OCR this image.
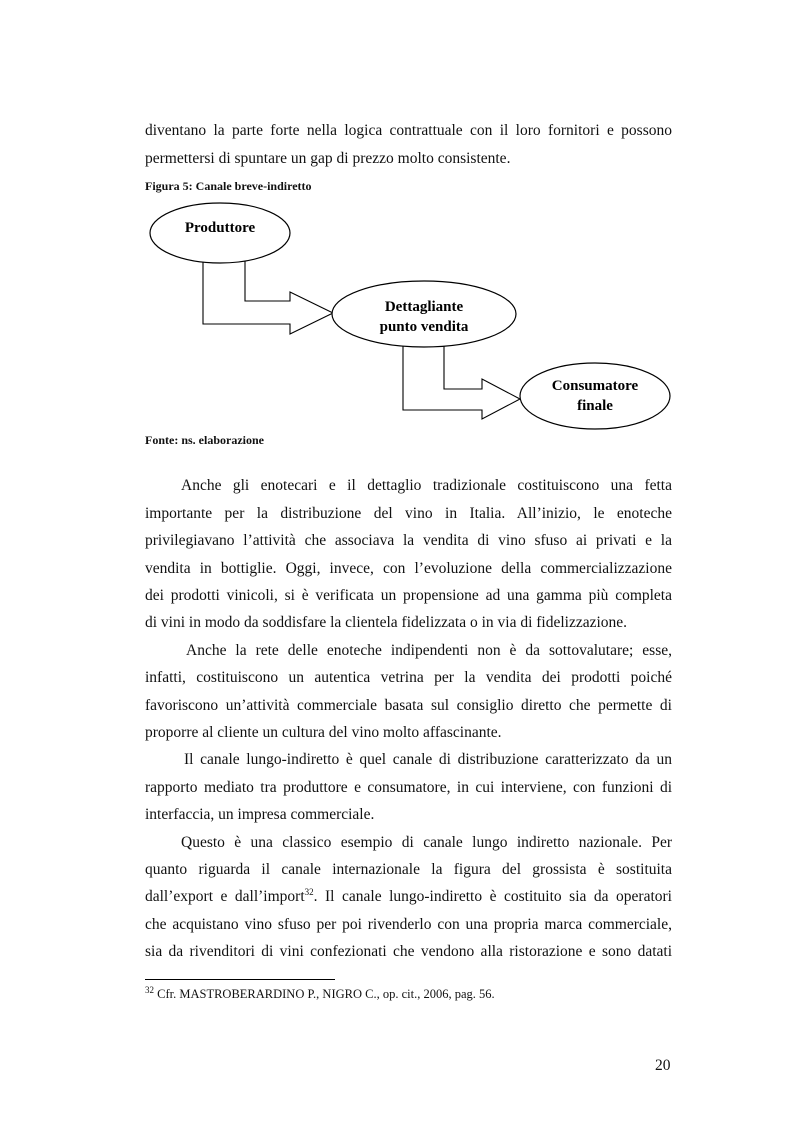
diventano la parte forte nella logica contrattuale con il loro fornitori e possono
permettersi di spuntare un gap di prezzo molto consistente.
Figura 5: Canale breve-indiretto
Produttore
Dettagliante
punto vendita
Consumatore
finale
Fonte: ns. elaborazione
Anche gli enotecari e il dettaglio tradizionale costituiscono una fetta
importante per la distribuzione del vino in Italia. All’inizio, le enoteche
privilegiavano l’attività che associava la vendita di vino sfuso ai privati e la
vendita in bottiglie. Oggi, invece, con l’evoluzione della commercializzazione
dei prodotti vinicoli, si è verificata un propensione ad una gamma più completa
di vini in modo da soddisfare la clientela fidelizzata o in via di fidelizzazione.
Anche la rete delle enoteche indipendenti non è da sottovalutare; esse,
infatti, costituiscono un autentica vetrina per la vendita dei prodotti poiché
favoriscono un’attività commerciale basata sul consiglio diretto che permette di
proporre al cliente un cultura del vino molto affascinante.
Il canale lungo-indiretto è quel canale di distribuzione caratterizzato da un
rapporto mediato tra produttore e consumatore, in cui interviene, con funzioni di
interfaccia, un impresa commerciale.
Questo è una classico esempio di canale lungo indiretto nazionale. Per
quanto riguarda il canale internazionale la figura del grossista è sostituita
dall’export e dall’import$^{32}$. Il canale lungo-indiretto è costituito sia da operatori
che acquistano vino sfuso per poi rivenderlo con una propria marca commerciale,
sia da rivenditori di vini confezionati che vendono alla ristorazione e sono datati
$^{32}$ Cfr. MASTROBERARDINO P., NIGRO C., op. cit., 2006, pag. 56.
20
